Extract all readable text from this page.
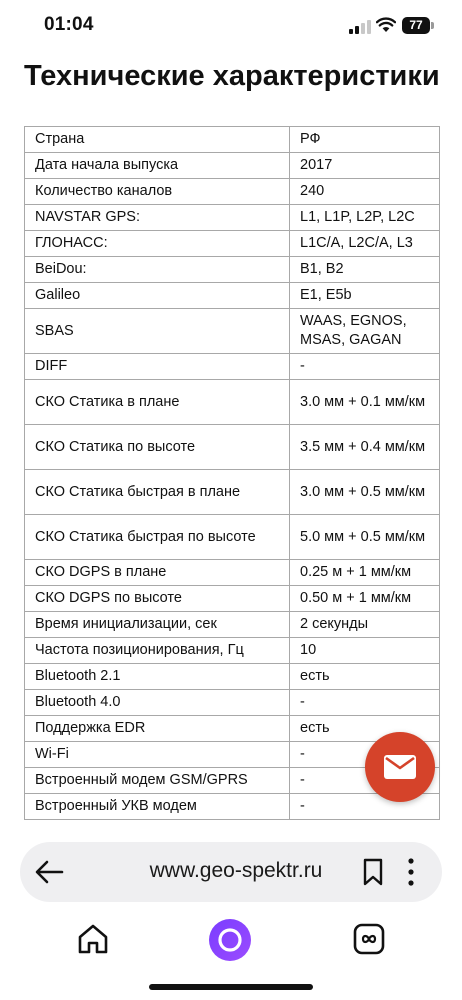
01:04	77
Технические характеристики
Страна	РФ
Дата начала выпуска	2017
Количество каналов	240
NAVSTAR GPS:	L1, L1P, L2P, L2C
ГЛОНАСС:	L1C/A, L2C/A, L3
BeiDou:	B1, B2
Galileo	E1, E5b
SBAS	WAAS, EGNOS, MSAS, GAGAN
DIFF	-
СКО Статика в плане	3.0 мм + 0.1 мм/км
СКО Статика по высоте	3.5 мм + 0.4 мм/км
СКО Статика быстрая в плане	3.0 мм + 0.5 мм/км
СКО Статика быстрая по высоте	5.0 мм + 0.5 мм/км
СКО DGPS в плане	0.25 м + 1 мм/км
СКО DGPS по высоте	0.50 м + 1 мм/км
Время инициализации, сек	2 секунды
Частота позиционирования, Гц	10
Bluetooth 2.1	есть
Bluetooth 4.0	-
Поддержка EDR	есть
Wi-Fi	-
Встроенный модем GSM/GPRS	-
Встроенный УКВ модем	-
www.geo-spektr.ru
